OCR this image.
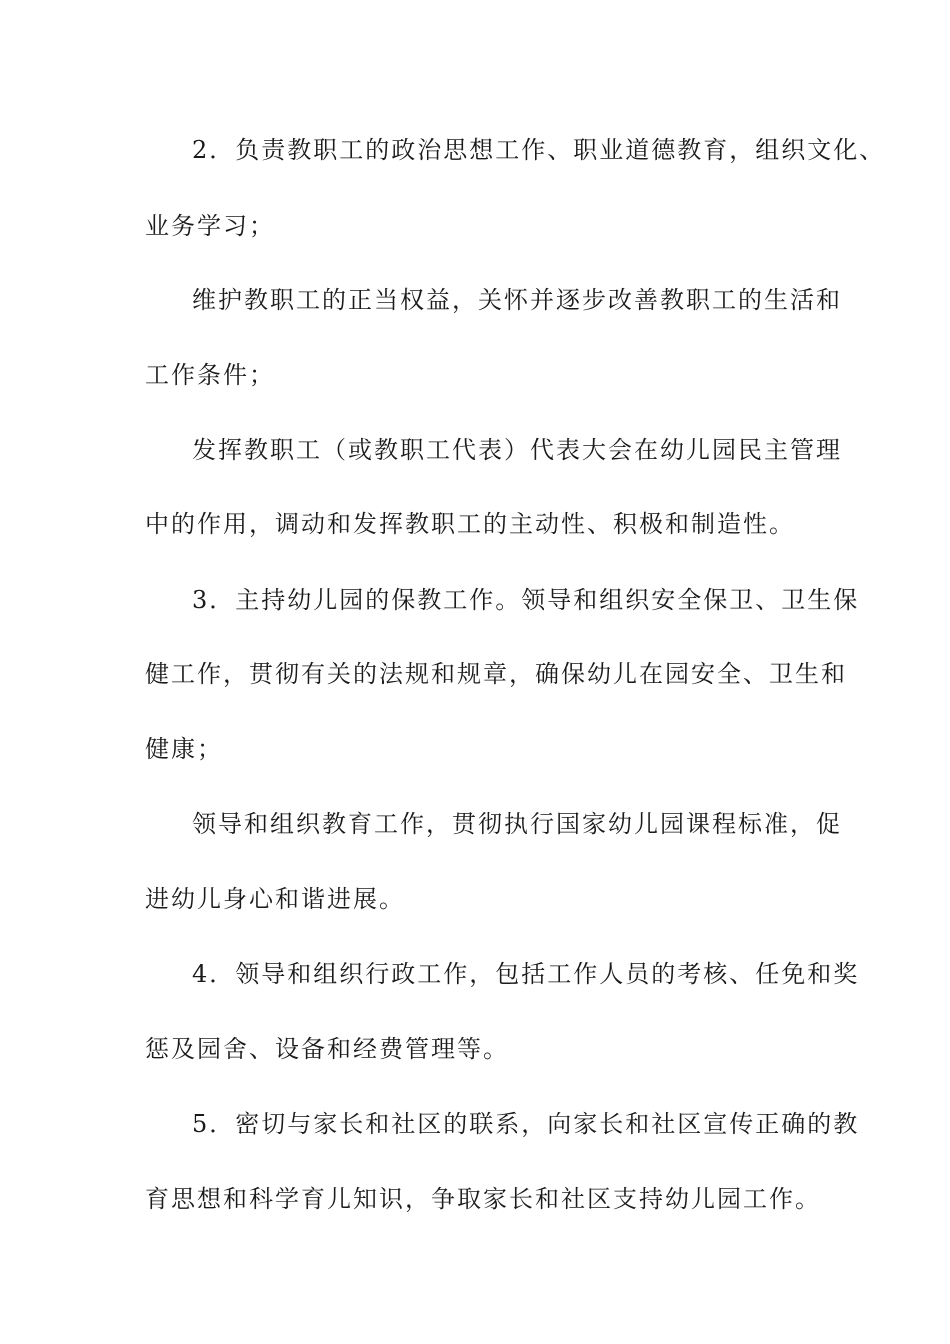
2．负责教职工的政治思想工作、职业道德教育，组织文化、

业务学习；

维护教职工的正当权益，关怀并逐步改善教职工的生活和

工作条件；

发挥教职工（或教职工代表）代表大会在幼儿园民主管理

中的作用，调动和发挥教职工的主动性、积极和制造性。

3．主持幼儿园的保教工作。领导和组织安全保卫、卫生保

健工作，贯彻有关的法规和规章，确保幼儿在园安全、卫生和

健康；

领导和组织教育工作，贯彻执行国家幼儿园课程标准，促

进幼儿身心和谐进展。

4．领导和组织行政工作，包括工作人员的考核、任免和奖

惩及园舍、设备和经费管理等。

5．密切与家长和社区的联系，向家长和社区宣传正确的教

育思想和科学育儿知识，争取家长和社区支持幼儿园工作。
